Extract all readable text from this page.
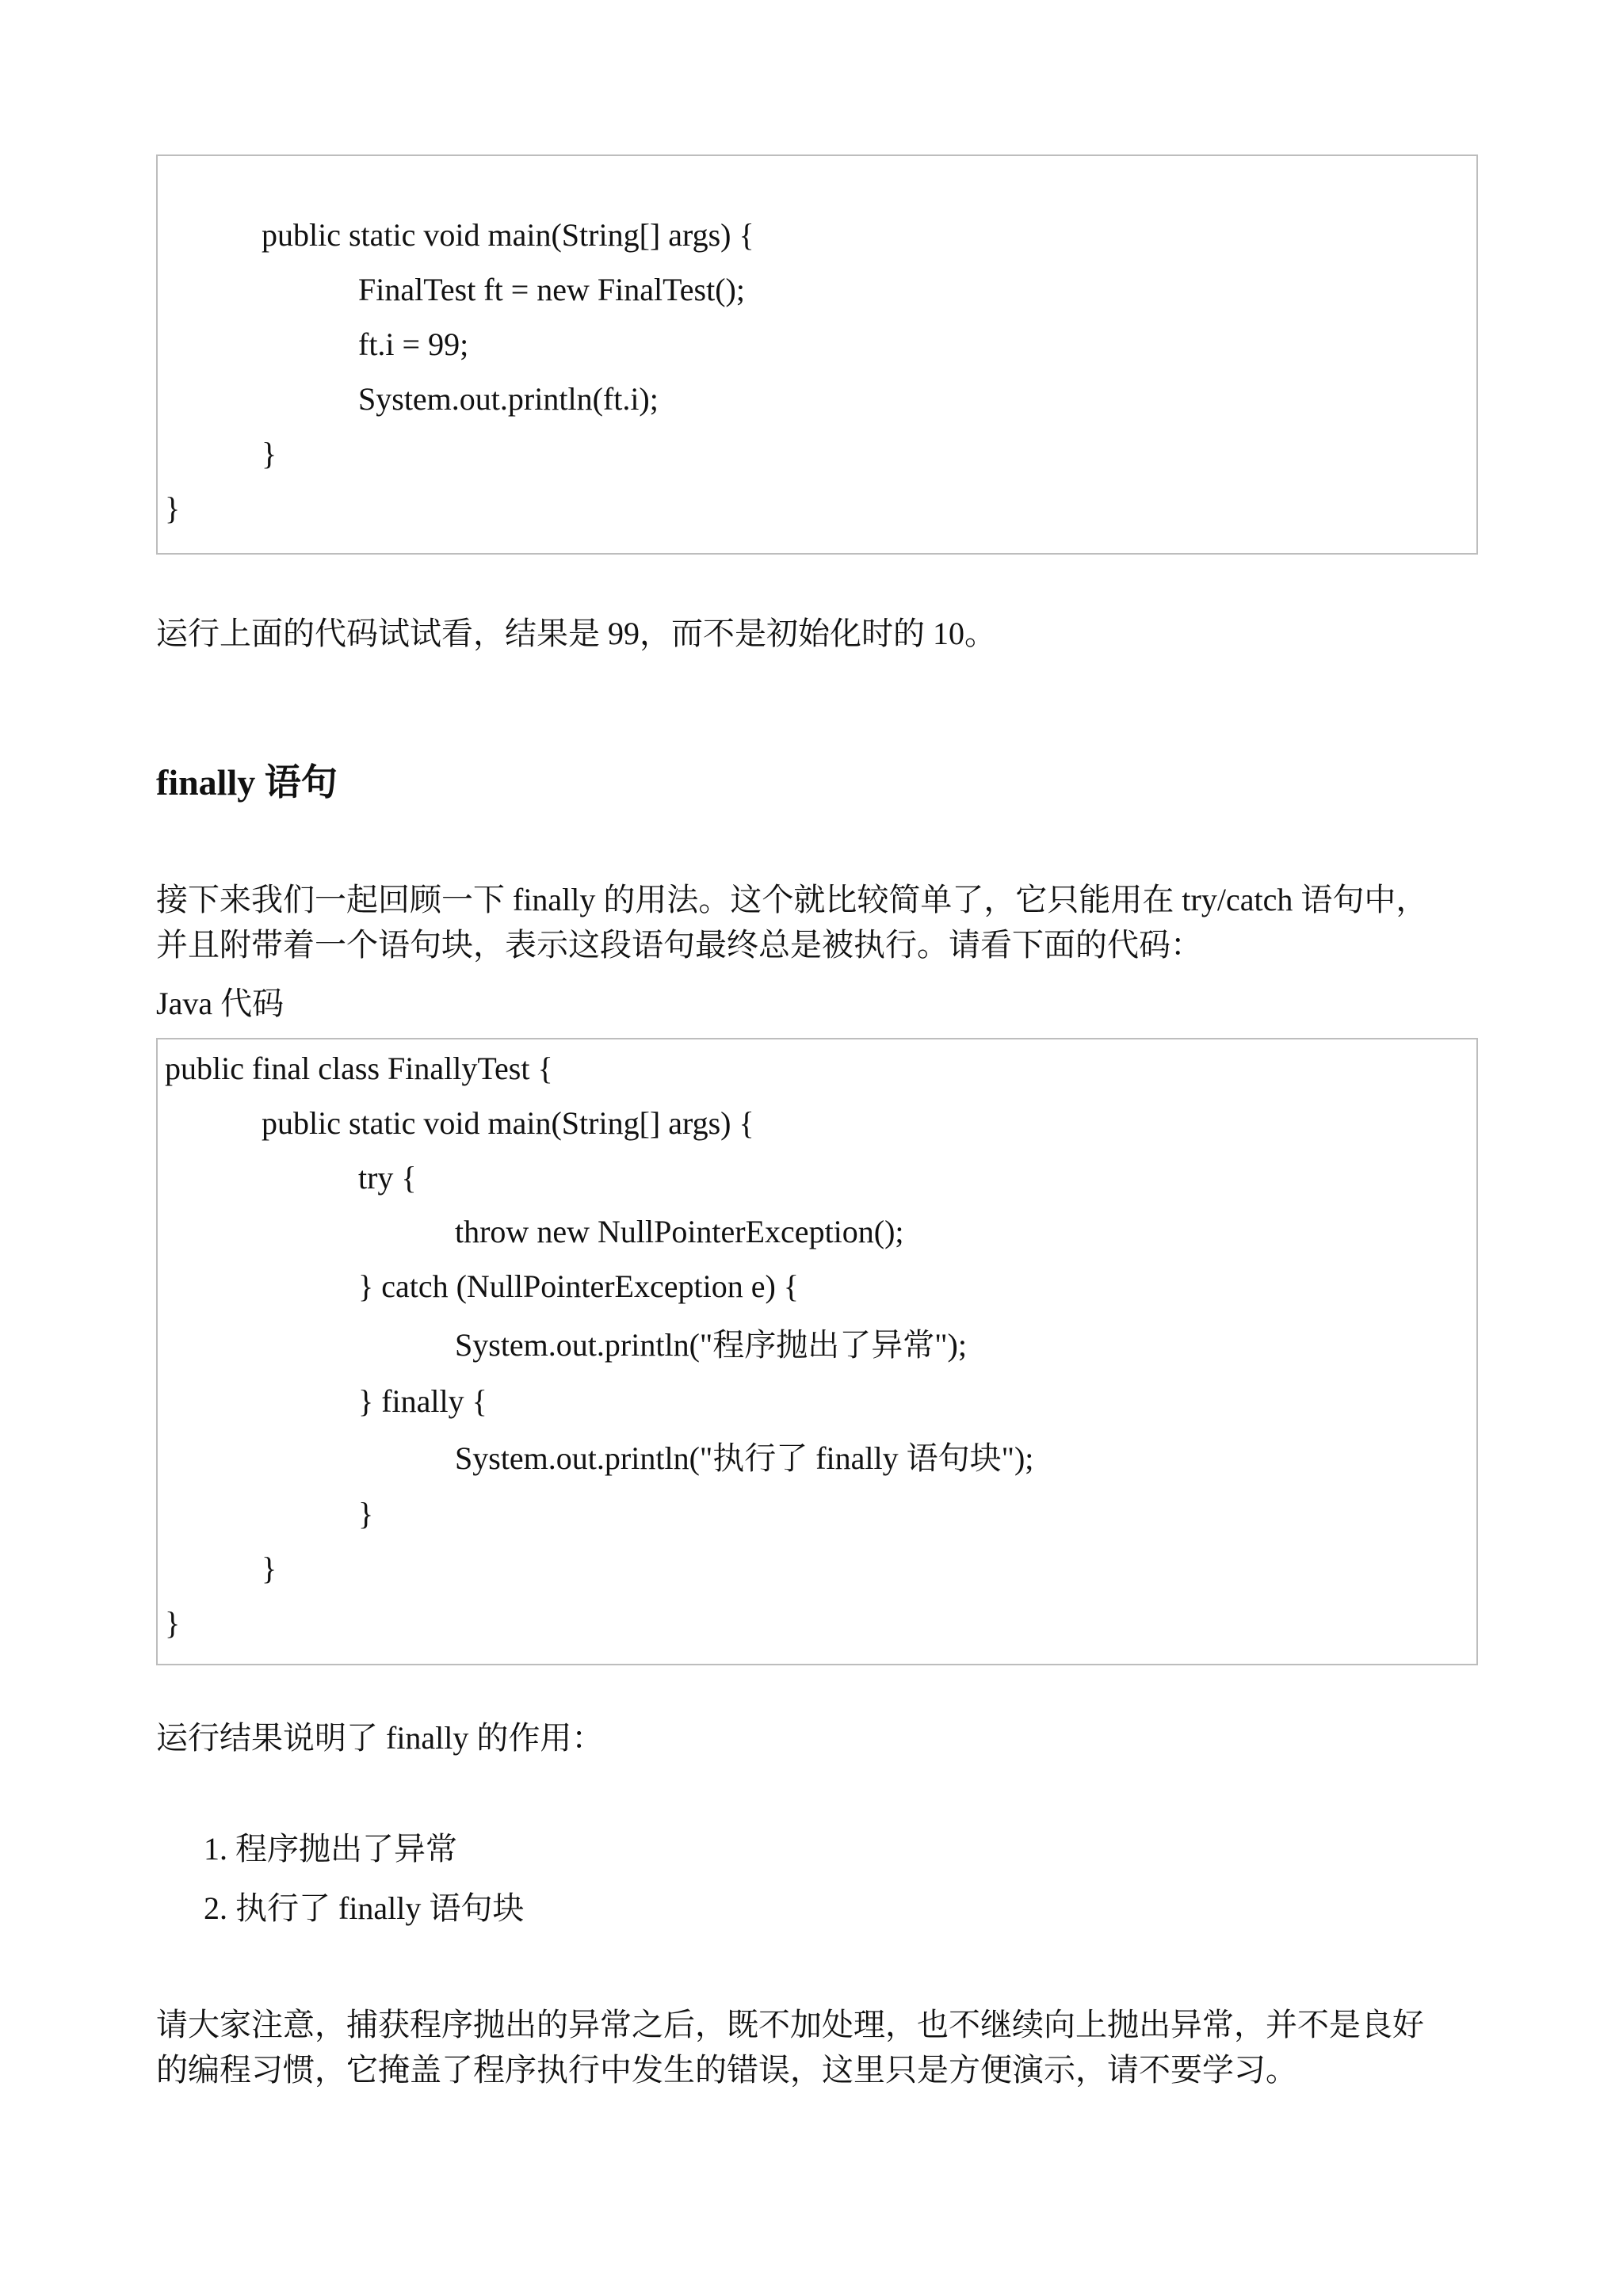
public static void main(String[] args) {
FinalTest ft = new FinalTest();
ft.i = 99;
System.out.println(ft.i);
}
}
运行上面的代码试试看，结果是 99，而不是初始化时的 10。
finally 语句
接下来我们一起回顾一下 finally 的用法。这个就比较简单了，它只能用在 try/catch 语句中，
并且附带着一个语句块，表示这段语句最终总是被执行。请看下面的代码：
Java 代码
public final class FinallyTest {
public static void main(String[] args) {
try {
throw new NullPointerException();
} catch (NullPointerException e) {
System.out.println("程序抛出了异常");
} finally {
System.out.println("执行了 finally 语句块");
}
}
}
运行结果说明了 finally 的作用：
1. 程序抛出了异常
2. 执行了 finally 语句块
请大家注意，捕获程序抛出的异常之后，既不加处理，也不继续向上抛出异常，并不是良好
的编程习惯，它掩盖了程序执行中发生的错误，这里只是方便演示，请不要学习。
